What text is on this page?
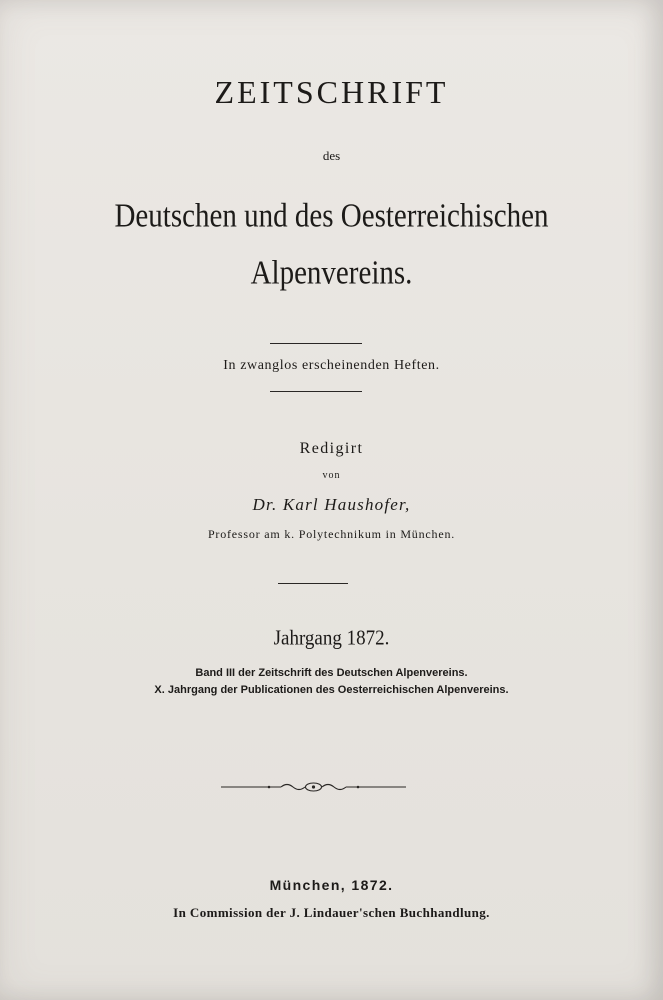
ZEITSCHRIFT
des
Deutschen und des Oesterreichischen
Alpenvereins.
In zwanglos erscheinenden Heften.
Redigirt
von
Dr. Karl Haushofer,
Professor am k. Polytechnikum in München.
Jahrgang 1872.
Band III der Zeitschrift des Deutschen Alpenvereins.
X. Jahrgang der Publicationen des Oesterreichischen Alpenvereins.
München, 1872.
In Commission der J. Lindauer'schen Buchhandlung.
